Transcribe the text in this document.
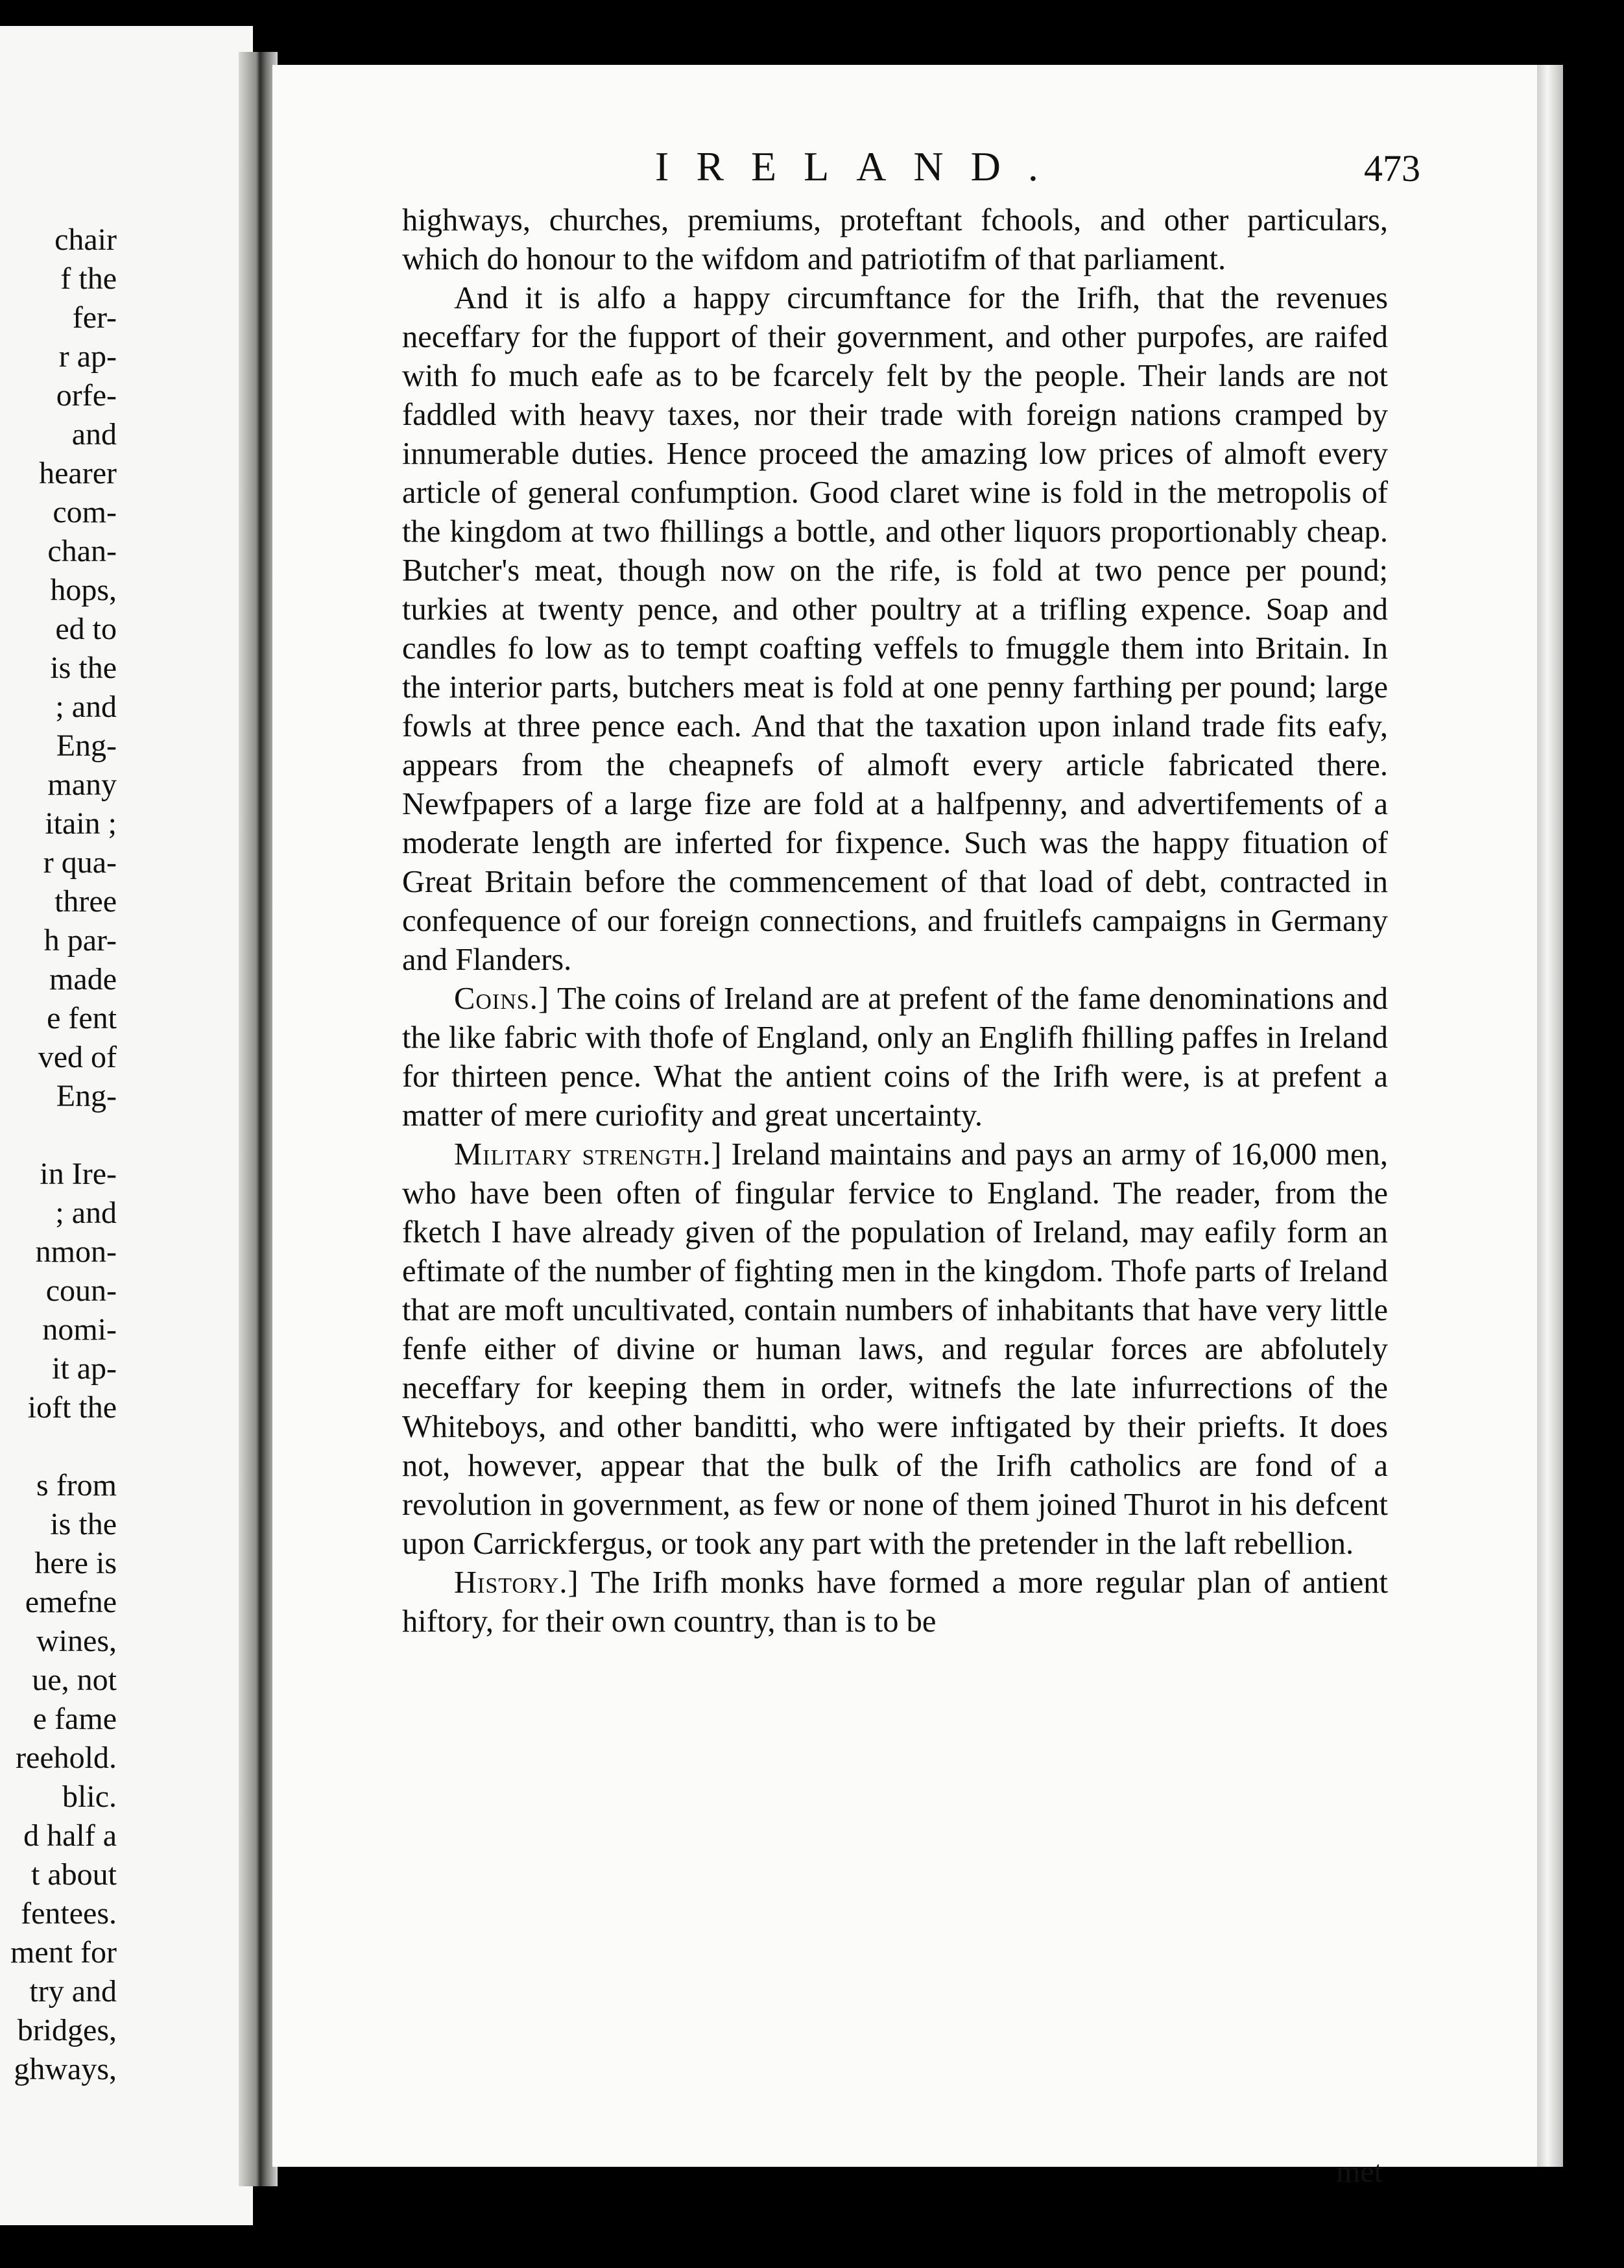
chair
f the
fer-
r ap-
orfe-
and
hearer
com-
chan-
hops,
ed to
is the
; and
Eng-
many
itain ;
r qua-
three
h par-
made
e fent
ved of
Eng-
in Ire-
; and
nmon-
coun-
nomi-
it ap-
ioft the
s from
is the
here is
emefne
wines,
ue, not
e fame
reehold.
blic.
d half a
t about
fentees.
ment for
try and
bridges,
ghways,
IRELAND.	473

highways, churches, premiums, proteftant fchools, and other particulars, which do honour to the wifdom and patriotifm of that parliament.

And it is alfo a happy circumftance for the Irifh, that the revenues neceffary for the fupport of their government, and other purpofes, are raifed with fo much eafe as to be fcarcely felt by the people. Their lands are not faddled with heavy taxes, nor their trade with foreign nations cramped by innumerable duties. Hence proceed the amazing low prices of almoft every article of general confumption. Good claret wine is fold in the metropolis of the kingdom at two fhillings a bottle, and other liquors proportionably cheap. Butcher's meat, though now on the rife, is fold at two pence per pound; turkies at twenty pence, and other poultry at a trifling expence. Soap and candles fo low as to tempt coafting veffels to fmuggle them into Britain. In the interior parts, butchers meat is fold at one penny farthing per pound; large fowls at three pence each. And that the taxation upon inland trade fits eafy, appears from the cheapnefs of almoft every article fabricated there. Newfpapers of a large fize are fold at a halfpenny, and advertifements of a moderate length are inferted for fixpence. Such was the happy fituation of Great Britain before the commencement of that load of debt, contracted in confequence of our foreign connections, and fruitlefs campaigns in Germany and Flanders.

Coins.] The coins of Ireland are at prefent of the fame denominations and the like fabric with thofe of England, only an Englifh fhilling paffes in Ireland for thirteen pence. What the antient coins of the Irifh were, is at prefent a matter of mere curiofity and great uncertainty.

Military strength.] Ireland maintains and pays an army of 16,000 men, who have been often of fingular fervice to England. The reader, from the fketch I have already given of the population of Ireland, may eafily form an eftimate of the number of fighting men in the kingdom. Thofe parts of Ireland that are moft uncultivated, contain numbers of inhabitants that have very little fenfe either of divine or human laws, and regular forces are abfolutely neceffary for keeping them in order, witnefs the late infurrections of the Whiteboys, and other banditti, who were inftigated by their priefts. It does not, however, appear that the bulk of the Irifh catholics are fond of a revolution in government, as few or none of them joined Thurot in his defcent upon Carrickfergus, or took any part with the pretender in the laft rebellion.

History.] The Irifh monks have formed a more regular plan of antient hiftory, for their own country, than is to be

met
